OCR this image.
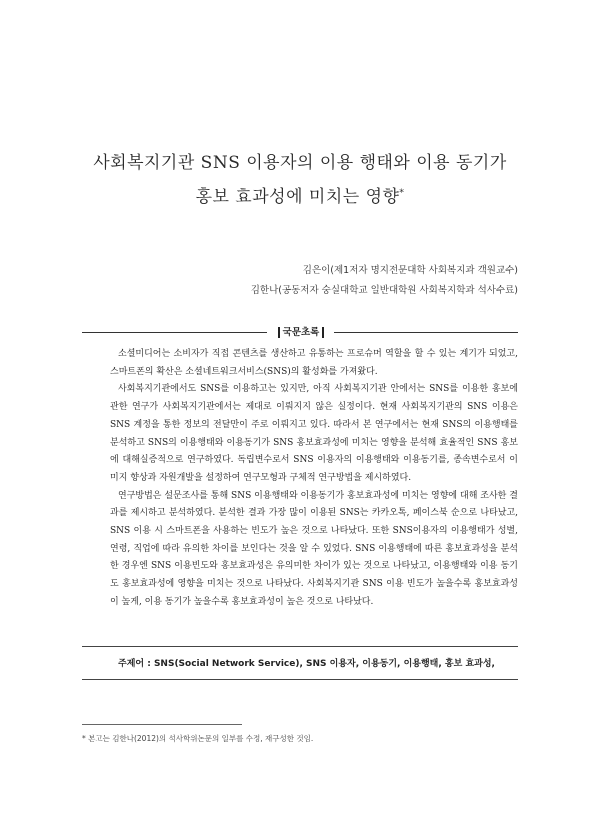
사회복지기관 SNS 이용자의 이용 행태와 이용 동기가
홍보 효과성에 미치는 영향*
김은이(제1저자 명지전문대학 사회복지과 객원교수)
김한나(공동저자 숭실대학교 일반대학원 사회복지학과 석사수료)
국문초록

소셜미디어는 소비자가 직접 콘텐츠를 생산하고 유통하는 프로슈머 역할을 할 수 있는 계기가 되었고, 스마트폰의 확산은 소셜네트워크서비스(SNS)의 활성화를 가져왔다.

사회복지기관에서도 SNS를 이용하고는 있지만, 아직 사회복지기관 안에서는 SNS를 이용한 홍보에 관한 연구가 사회복지기관에서는 제대로 이뤄지지 않은 실정이다. 현재 사회복지기관의 SNS 이용은 SNS 계정을 통한 정보의 전달만이 주로 이뤄지고 있다. 따라서 본 연구에서는 현재 SNS의 이용행태를 분석하고 SNS의 이용행태와 이용동기가 SNS 홍보효과성에 미치는 영향을 분석해 효율적인 SNS 홍보에 대해실증적으로 연구하였다. 독립변수로서 SNS 이용자의 이용행태와 이용동기를, 종속변수로서 이미지 향상과 자원개발을 설정하여 연구모형과 구체적 연구방법을 제시하였다.

연구방법은 설문조사를 통해 SNS 이용행태와 이용동기가 홍보효과성에 미치는 영향에 대해 조사한 결과를 제시하고 분석하였다. 분석한 결과 가장 많이 이용된 SNS는 카카오톡, 페이스북 순으로 나타났고, SNS 이용 시 스마트폰을 사용하는 빈도가 높은 것으로 나타났다. 또한 SNS이용자의 이용행태가 성별, 연령, 직업에 따라 유의한 차이를 보인다는 것을 알 수 있었다. SNS 이용행태에 따른 홍보효과성을 분석한 경우엔 SNS 이용빈도와 홍보효과성은 유의미한 차이가 있는 것으로 나타났고, 이용행태와 이용 동기도 홍보효과성에 영향을 미치는 것으로 나타났다. 사회복지기관 SNS 이용 빈도가 높을수록 홍보효과성이 높게, 이용 동기가 높을수록 홍보효과성이 높은 것으로 나타났다.

주제어 : SNS(Social Network Service), SNS 이용자, 이용동기, 이용행태, 홍보 효과성,
* 본고는 김한나(2012)의 석사학위논문의 일부를 수정, 재구성한 것임.
